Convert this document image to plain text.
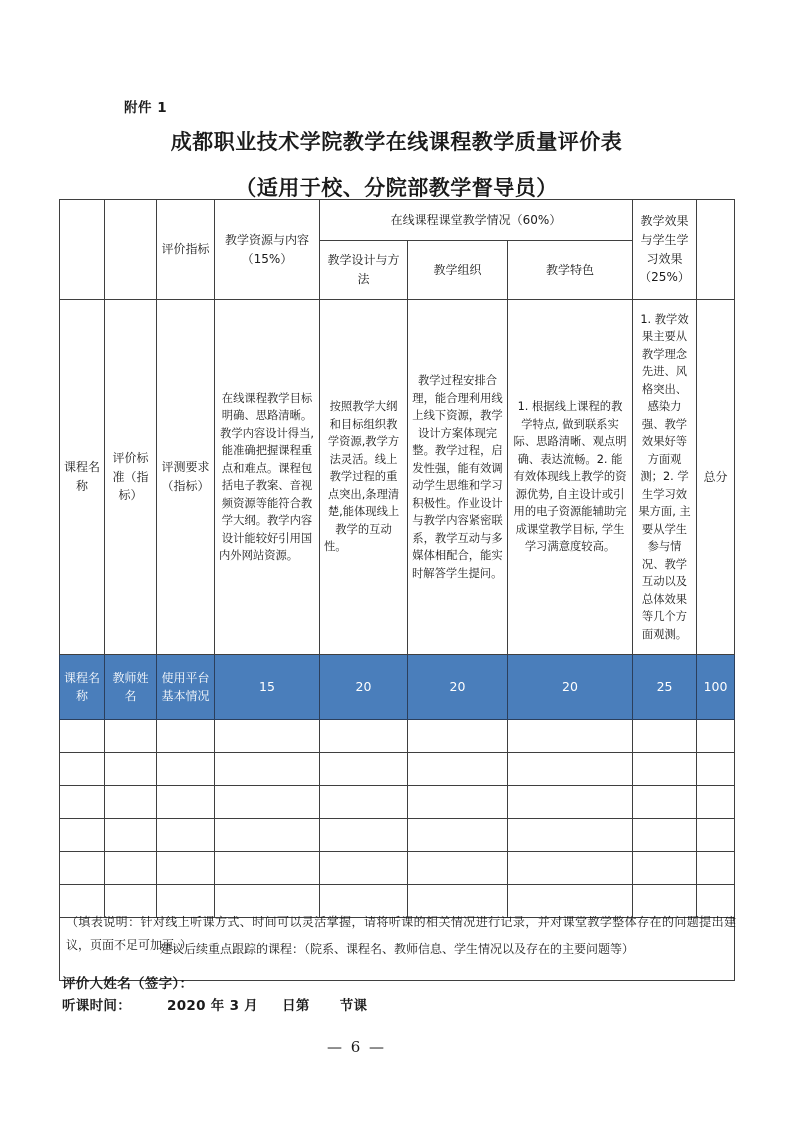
附件 1
成都职业技术学院教学在线课程教学质量评价表
（适用于校、分院部教学督导员）
		评价指标	教学资源与内容（15%）	在线课程课堂教学情况（60%）			教学效果与学生学习效果（25%）	
				教学设计与方法	教学组织	教学特色		
课程名称	评价标准（指标）	评测要求（指标）	在线课程教学目标明确、思路清晰。教学内容设计得当,能准确把握课程重点和难点。课程包括电子教案、音视频资源等能符合教学大纲。教学内容设计能较好引用国内外网站资源。	按照教学大纲和目标组织教学资源,教学方法灵活。线上教学过程的重点突出,条理清楚,能体现线上教学的互动性。	教学过程安排合理，能合理利用线上线下资源，教学设计方案体现完整。教学过程，启发性强，能有效调动学生思维和学习积极性。作业设计与教学内容紧密联系，教学互动与多媒体相配合，能实时解答学生提问。	1. 根据线上课程的教学特点, 做到联系实际、思路清晰、观点明确、表达流畅。2. 能有效体现线上教学的资源优势, 自主设计或引用的电子资源能辅助完成课堂教学目标, 学生学习满意度较高。	1. 教学效果主要从教学理念先进、风格突出、感染力强、教学效果好等方面观测；2. 学生学习效果方面, 主要从学生参与情况、教学互动以及总体效果等几个方面观测。	总分
课程名称	教师姓名	使用平台基本情况	15	20	20	20	25	100

建议后续重点跟踪的课程：（院系、课程名、教师信息、学生情况以及存在的主要问题等）								
（填表说明：针对线上听课方式、时间可以灵活掌握，请将听课的相关情况进行记录，并对课堂教学整体存在的问题提出建议，页面不足可加页。）
评价人姓名（签字）：
听课时间：	2020 年 3 月 日第 节课
— 6 —
